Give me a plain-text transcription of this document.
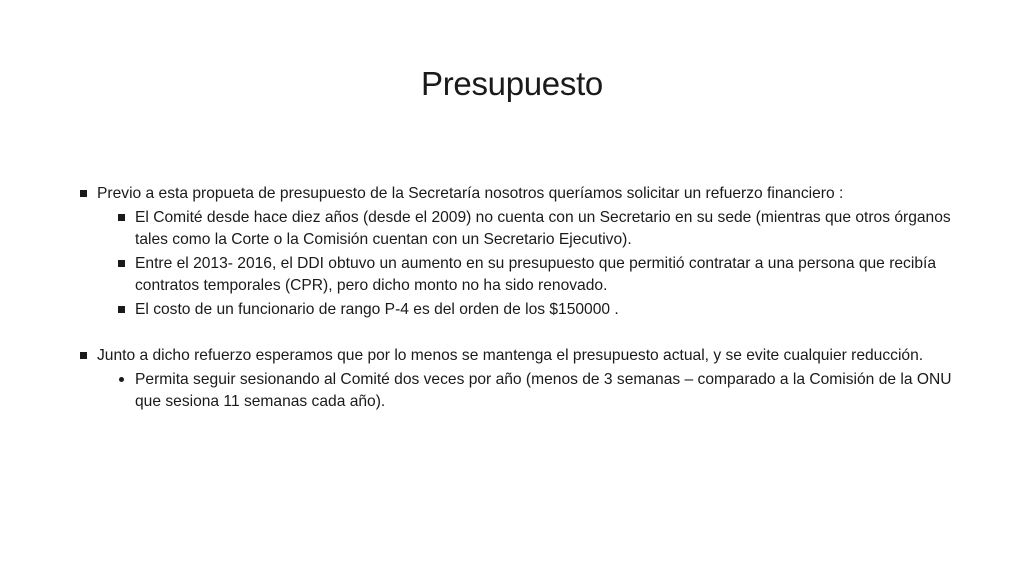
Presupuesto
Previo a esta propueta de presupuesto de la Secretaría nosotros queríamos solicitar un refuerzo financiero :
El Comité desde hace diez años (desde el 2009) no cuenta con un Secretario en su sede (mientras que otros órganos tales como la Corte o la Comisión cuentan con un Secretario Ejecutivo).
Entre el 2013- 2016, el DDI obtuvo un aumento en su presupuesto que permitió contratar a una persona que recibía contratos temporales (CPR), pero dicho monto no ha sido renovado.
El costo de un funcionario de rango P-4 es del orden de los $150000 .
Junto a dicho refuerzo esperamos que por lo menos se mantenga el presupuesto actual, y se evite cualquier reducción.
Permita seguir sesionando al Comité dos veces por año (menos de 3 semanas – comparado a la Comisión de la ONU que sesiona 11 semanas cada año).
